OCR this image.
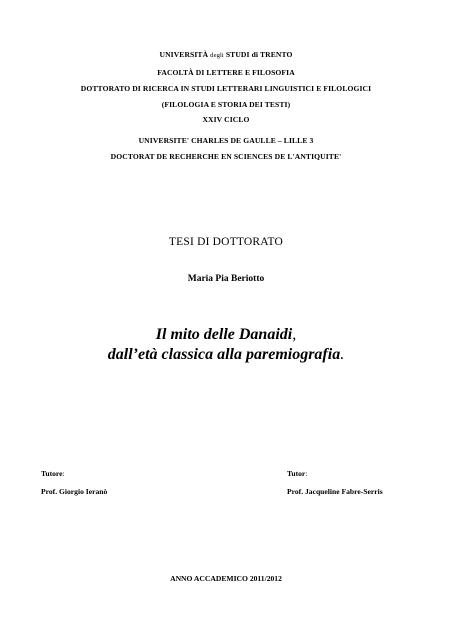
UNIVERSITÀ degli STUDI di TRENTO
FACOLTÀ DI LETTERE E FILOSOFIA
DOTTORATO DI RICERCA IN STUDI LETTERARI LINGUISTICI E FILOLOGICI
(FILOLOGIA E STORIA DEI TESTI)
XXIV CICLO
UNIVERSITE' CHARLES DE GAULLE – LILLE 3
DOCTORAT DE RECHERCHE EN SCIENCES DE L'ANTIQUITE'
TESI DI DOTTORATO
Maria Pia Beriotto
Il mito delle Danaidi,
dall’età classica alla paremiografia.
Tutore:
Prof. Giorgio Ieranò
Tutor:
Prof. Jacqueline Fabre-Serris
ANNO ACCADEMICO 2011/2012
